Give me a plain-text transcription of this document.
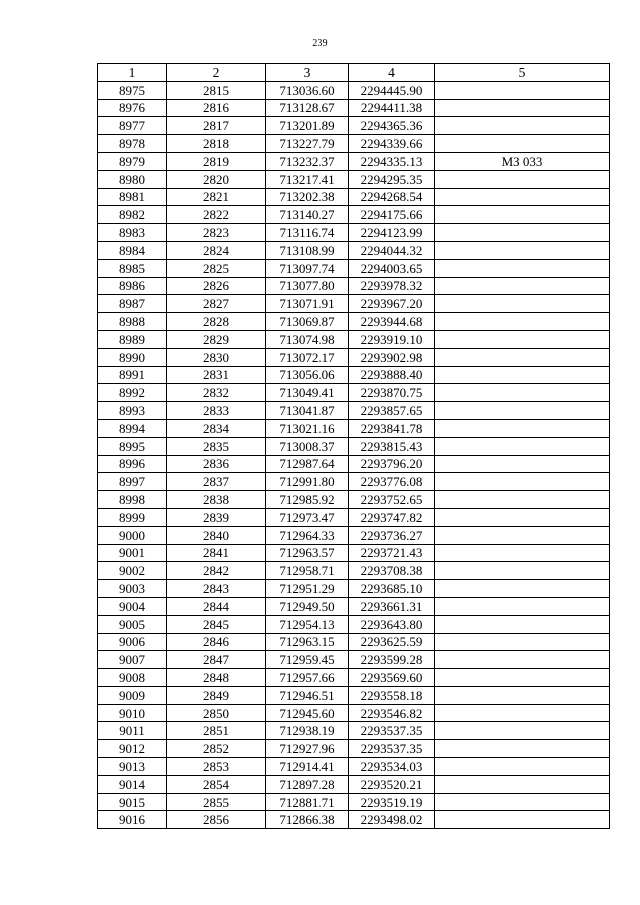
239
1	2	3	4	5
8975	2815	713036.60	2294445.90	
8976	2816	713128.67	2294411.38	
8977	2817	713201.89	2294365.36	
8978	2818	713227.79	2294339.66	
8979	2819	713232.37	2294335.13	МЗ 033
8980	2820	713217.41	2294295.35	
8981	2821	713202.38	2294268.54	
8982	2822	713140.27	2294175.66	
8983	2823	713116.74	2294123.99	
8984	2824	713108.99	2294044.32	
8985	2825	713097.74	2294003.65	
8986	2826	713077.80	2293978.32	
8987	2827	713071.91	2293967.20	
8988	2828	713069.87	2293944.68	
8989	2829	713074.98	2293919.10	
8990	2830	713072.17	2293902.98	
8991	2831	713056.06	2293888.40	
8992	2832	713049.41	2293870.75	
8993	2833	713041.87	2293857.65	
8994	2834	713021.16	2293841.78	
8995	2835	713008.37	2293815.43	
8996	2836	712987.64	2293796.20	
8997	2837	712991.80	2293776.08	
8998	2838	712985.92	2293752.65	
8999	2839	712973.47	2293747.82	
9000	2840	712964.33	2293736.27	
9001	2841	712963.57	2293721.43	
9002	2842	712958.71	2293708.38	
9003	2843	712951.29	2293685.10	
9004	2844	712949.50	2293661.31	
9005	2845	712954.13	2293643.80	
9006	2846	712963.15	2293625.59	
9007	2847	712959.45	2293599.28	
9008	2848	712957.66	2293569.60	
9009	2849	712946.51	2293558.18	
9010	2850	712945.60	2293546.82	
9011	2851	712938.19	2293537.35	
9012	2852	712927.96	2293537.35	
9013	2853	712914.41	2293534.03	
9014	2854	712897.28	2293520.21	
9015	2855	712881.71	2293519.19	
9016	2856	712866.38	2293498.02	
